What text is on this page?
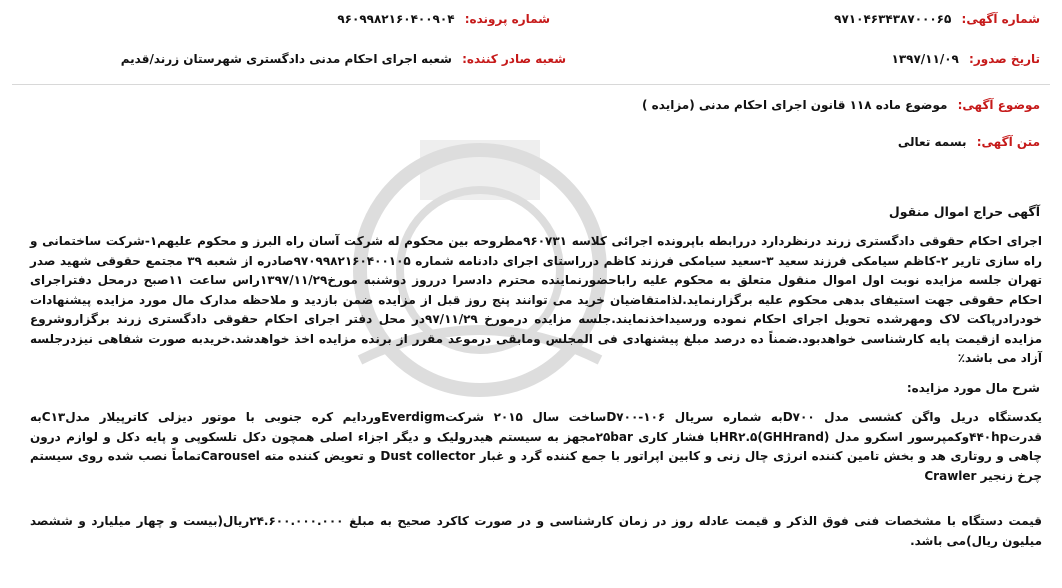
شماره آگهی: ۹۷۱۰۴۶۳۴۳۸۷۰۰۰۶۵
شماره پرونده: ۹۶۰۹۹۸۲۱۶۰۴۰۰۹۰۴
تاریخ صدور: ۱۳۹۷/۱۱/۰۹
شعبه صادر کننده: شعبه اجرای احکام مدنی دادگستری شهرستان زرند/قدیم
موضوع آگهی: موضوع ماده ۱۱۸ قانون اجرای احکام مدنی (مزایده )
متن آگهی: بسمه تعالی
آگهی حراج اموال منقول
اجرای احکام حقوقی دادگستری زرند درنظردارد دررابطه باپرونده اجرائی کلاسه ۹۶۰۷۳۱مطروحه بین محکوم له شرکت آسان راه البرز و محکوم علیهم۱-شرکت ساختمانی و راه سازی تاریر ۲-کاظم سیامکی فرزند سعید ۳-سعید سیامکی فرزند کاظم درراستای اجرای دادنامه شماره ۹۷۰۹۹۸۲۱۶۰۴۰۰۱۰۵صادره از شعبه ۳۹ مجتمع حقوقی شهید صدر تهران جلسه مزایده نوبت اول اموال منقول متعلق به محکوم علیه راباحضورنماینده محترم دادسرا درروز دوشنبه مورخ۱۳۹۷/۱۱/۲۹راس ساعت ۱۱صبح درمحل دفتراجرای احکام حقوقی جهت استیفای بدهی محکوم علیه برگزارنماید.لذامتقاضیان خرید می توانند پنج روز قبل از مزایده ضمن بازدید و ملاحظه مدارک مال مورد مزایده پیشنهادات خودرادرپاکت لاک ومهرشده تحویل اجرای احکام نموده ورسیداخذنمایند.جلسه مزایده درمورخ ۹۷/۱۱/۲۹در محل دفتر اجرای احکام حقوقی دادگستری زرند برگزاروشروع مزایده ازقیمت پایه کارشناسی خواهدبود.ضمناً ده درصد مبلغ پیشنهادی فی المجلس ومابقی درموعد مقرر از برنده مزایده اخذ خواهدشد.خریدبه صورت شفاهی نیزدرجلسه آزاد می باشد٪
شرح مال مورد مزایده:
یکدستگاه دریل واگن کشسی مدل D۷۰۰به شماره سریال ۱۰۶-D۷۰۰ساخت سال ۲۰۱۵ شرکتEverdigmوردایم کره جنوبی با موتور دیزلی کاترپیلار مدلC۱۳به قدرت۴۴۰hpوکمپرسور اسکرو مدل (GHHrand)HR۲.۵با فشار کاری ۲۵barمجهز به سیستم هیدرولیک و دیگر اجزاء اصلی همچون دکل تلسکوپی و پایه دکل و لوازم درون چاهی و روتاری هد و بخش تامین کننده انرژی چال زنی و کابین اپراتور با جمع کننده گرد و غبار Dust collector و تعویض کننده مته Carouselتماماً نصب شده روی سیستم چرخ زنجیر Crawler
قیمت دستگاه با مشخصات فنی فوق الذکر و قیمت عادله روز در زمان کارشناسی و در صورت کاکرد صحیح به مبلغ ۲۴.۶۰۰.۰۰۰.۰۰۰ریال(بیست و چهار میلیارد و ششصد میلیون ریال)می باشد.
